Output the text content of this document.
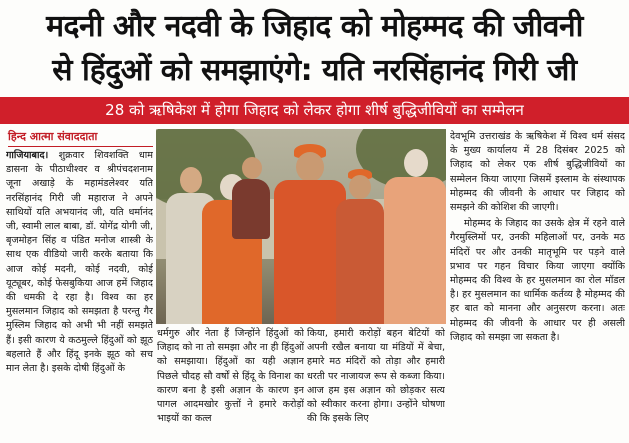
मदनी और नदवी के जिहाद को मोहम्मद की जीवनी
से हिंदुओं को समझाएंगे: यति नरसिंहानंद गिरी जी
28 को ऋषिकेश में होगा जिहाद को लेकर होगा शीर्ष बुद्धिजीवियों का सम्मेलन
हिन्द आत्मा संवाददाता

गाजियाबाद। शुक्रवार शिवशक्ति धाम डासना के पीठाधीश्वर व श्रीपंचदशनाम जूना अखाड़े के महामंडलेश्वर यति नरसिंहानंद गिरी जी महाराज ने अपने साथियों यति अभयानंद जी, यति धर्मानंद जी, स्वामी लाल बाबा, डॉ. योगेंद्र योगी जी, बृजमोहन सिंह व पंडित मनोज शास्त्री के साथ एक वीडियो जारी करके बताया कि आज कोई मदनी, कोई नदवी, कोई यूट्यूबर, कोई फेसबुकिया आज हमें जिहाद की धमकी दे रहा है। विश्व का हर मुसलमान जिहाद को समझता है परन्तु गैर मुस्लिम जिहाद को अभी भी नहीं समझते हैं। इसी कारण ये कठमुल्ले हिंदुओं को झूठ बहलाते हैं और हिंदू इनके झूठ को सच मान लेता है। इसके दोषी हिंदुओं के

धर्मगुरु और नेता हैं जिन्होंने हिंदुओं को जिहाद को ना तो समझा और ना ही हिंदुओं को समझाया। हिंदुओं का यही अज्ञान पिछले चौदह सौ वर्षों से हिंदू के विनाश का कारण बना है इसी अज्ञान के कारण इन पागल आदमखोर कुत्तों ने हमारे करोड़ों भाइयों का कत्ल

किया, हमारी करोड़ों बहन बेटियों को अपनी रखैल बनाया या मंडियों में बेचा, हमारे मठ मंदिरों को तोड़ा और हमारी धरती पर नाजायज रूप से कब्जा किया। आज हम इस अज्ञान को छोड़कर सत्य को स्वीकार करना होगा। उन्होंने घोषणा की कि इसके लिए

देवभूमि उत्तराखंड के ऋषिकेश में विश्व धर्म संसद के मुख्य कार्यालय में 28 दिसंबर 2025 को जिहाद को लेकर एक शीर्ष बुद्धिजीवियों का सम्मेलन किया जाएगा जिसमें इस्लाम के संस्थापक मोहम्मद की जीवनी के आधार पर जिहाद को समझने की कोशिश की जाएगी।

मोहम्मद के जिहाद का उसके क्षेत्र में रहने वाले गैरमुस्लिमों पर, उनकी महिलाओं पर, उनके मठ मंदिरों पर और उनकी मातृभूमि पर पड़ने वाले प्रभाव पर गहन विचार किया जाएगा क्योंकि मोहम्मद की विश्व के हर मुसलमान का रोल मॉडल है। हर मुसलमान का धार्मिक कर्तव्य है मोहम्मद की हर बात को मानना और अनुसरण करना। अतः मोहम्मद की जीवनी के आधार पर ही असली जिहाद को समझा जा सकता है।
